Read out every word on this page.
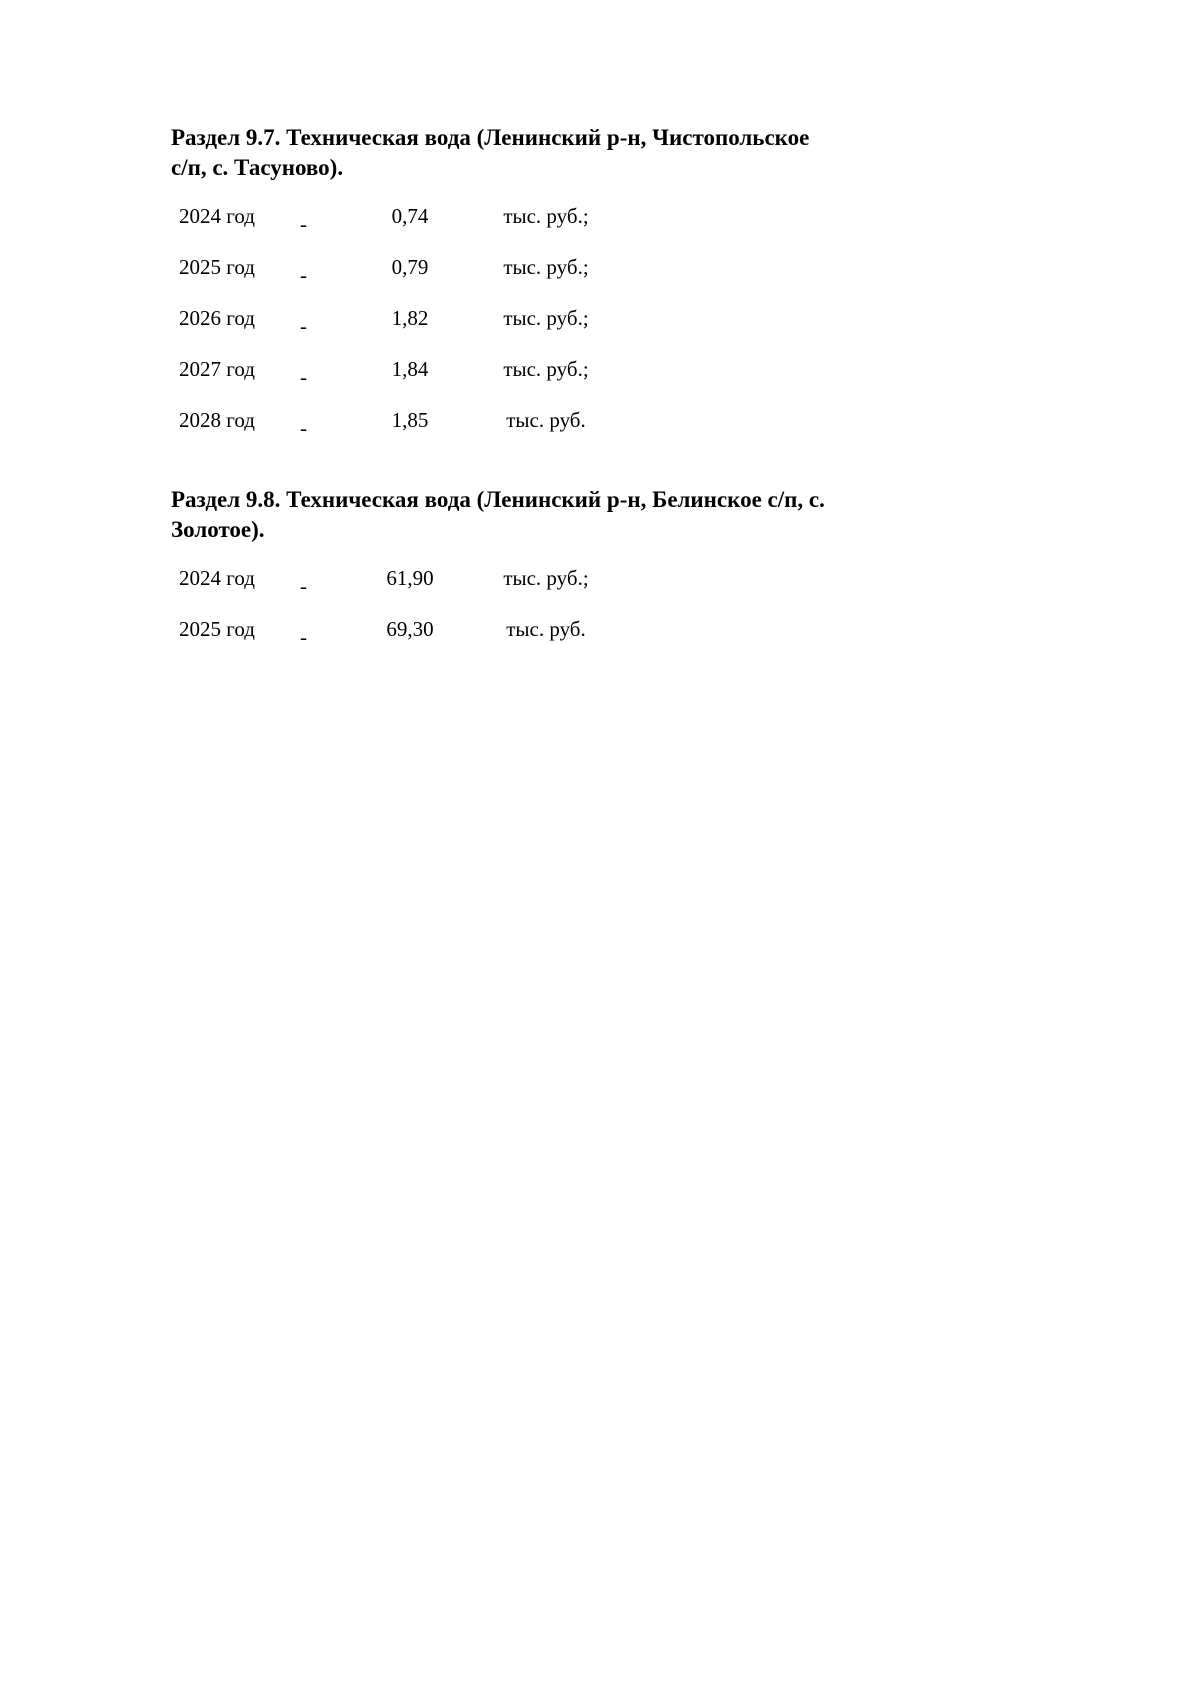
Раздел 9.7. Техническая вода (Ленинский р-н, Чистопольское
с/п, с. Тасуново).

2024 год -	0,74	тыс. руб.;
2025 год -	0,79	тыс. руб.;
2026 год -	1,82	тыс. руб.;
2027 год -	1,84	тыс. руб.;
2028 год -	1,85	тыс. руб.

Раздел 9.8. Техническая вода (Ленинский р-н, Белинское с/п, с.
Золотое).

2024 год -	61,90	тыс. руб.;
2025 год -	69,30	тыс. руб.
